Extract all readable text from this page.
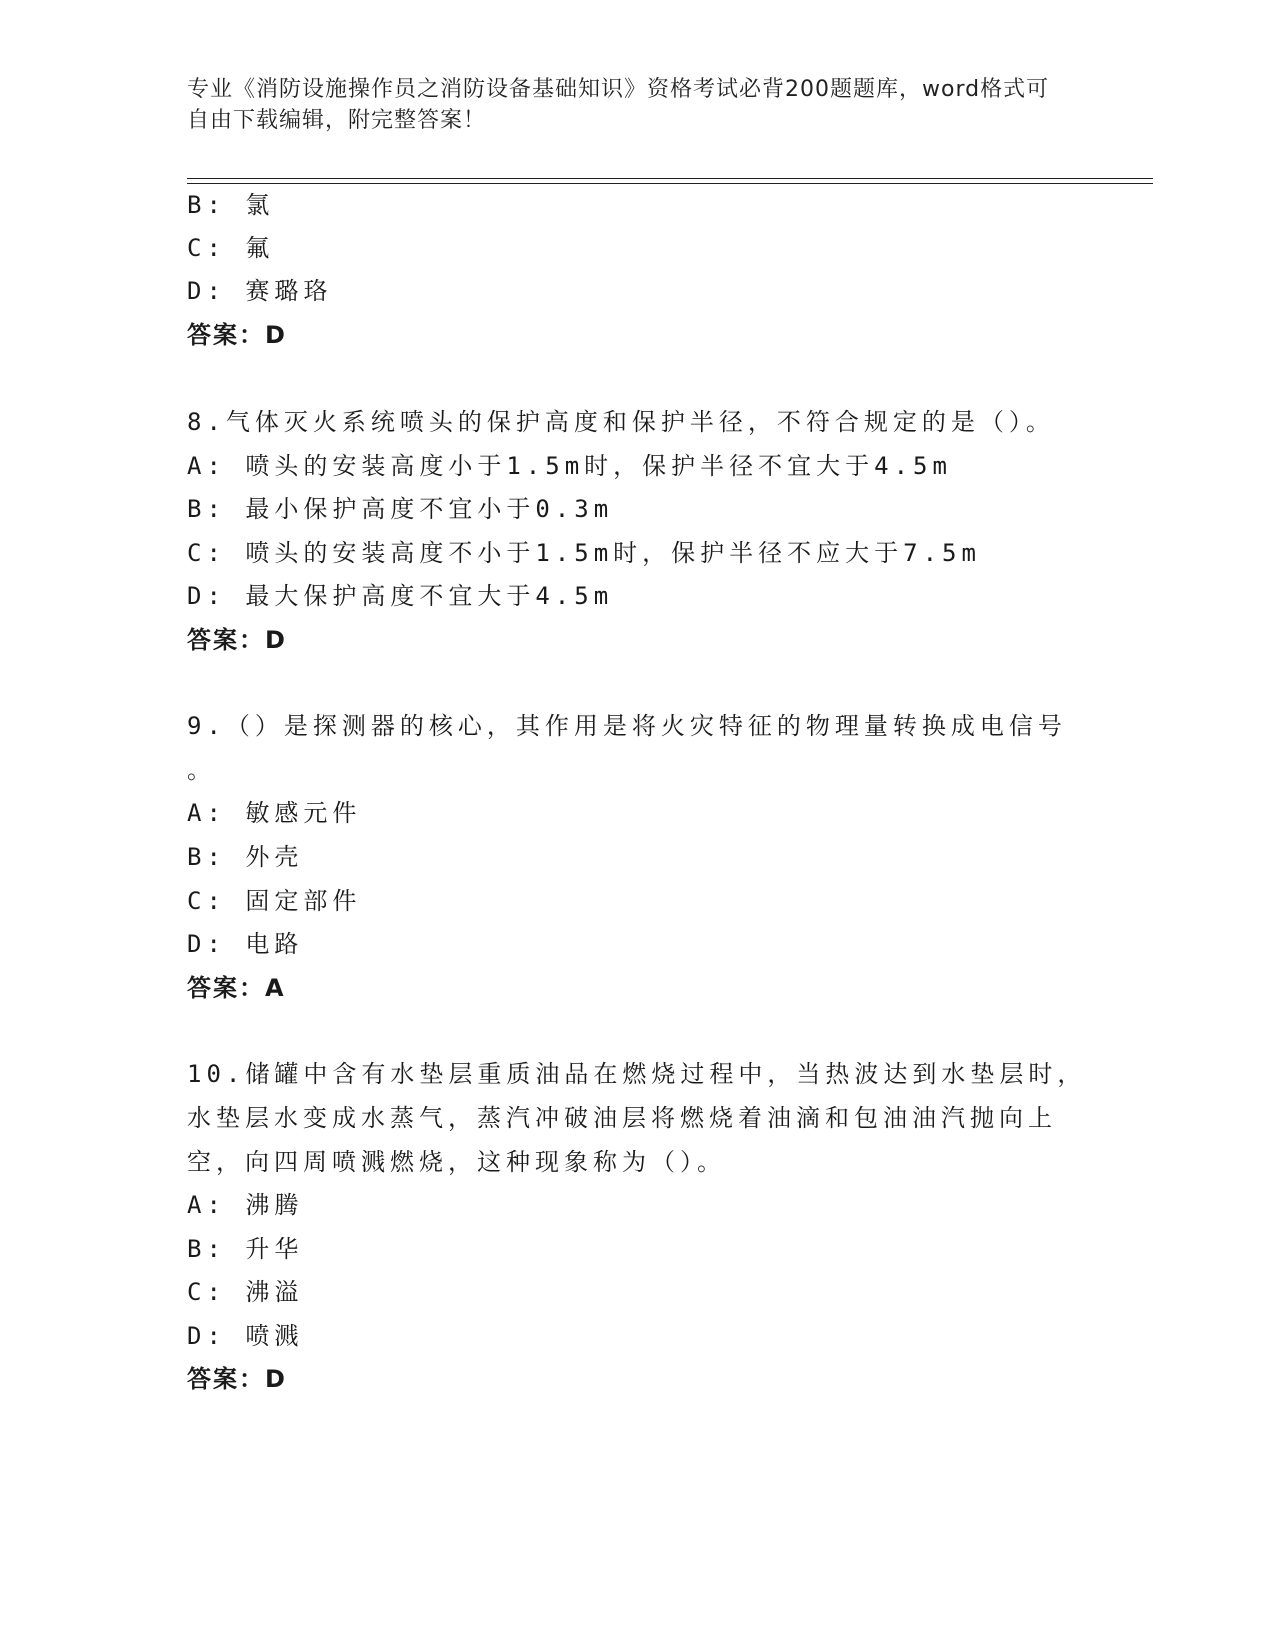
专业《消防设施操作员之消防设备基础知识》资格考试必背200题题库，word格式可自由下载编辑，附完整答案！
B: 氯
C: 氟
D: 赛璐珞
答案：D
8.气体灭火系统喷头的保护高度和保护半径，不符合规定的是（）。
A: 喷头的安装高度小于1.5m时，保护半径不宜大于4.5m
B: 最小保护高度不宜小于0.3m
C: 喷头的安装高度不小于1.5m时，保护半径不应大于7.5m
D: 最大保护高度不宜大于4.5m
答案：D
9.（）是探测器的核心，其作用是将火灾特征的物理量转换成电信号
。
A: 敏感元件
B: 外壳
C: 固定部件
D: 电路
答案：A
10.储罐中含有水垫层重质油品在燃烧过程中，当热波达到水垫层时，
水垫层水变成水蒸气，蒸汽冲破油层将燃烧着油滴和包油油汽抛向上
空，向四周喷溅燃烧，这种现象称为（）。
A: 沸腾
B: 升华
C: 沸溢
D: 喷溅
答案：D
